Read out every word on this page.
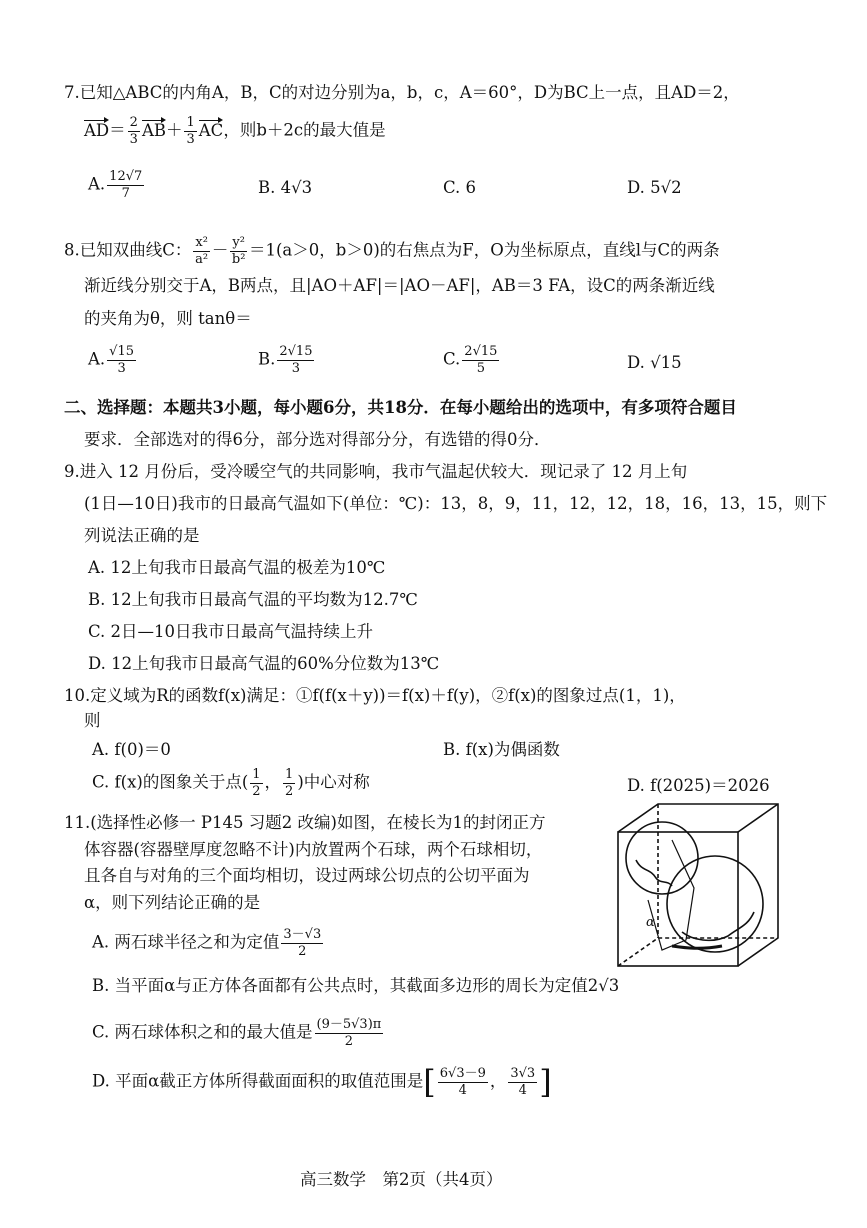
7.已知△ABC的内角A，B，C的对边分别为a，b，c，A＝60°，D为BC上一点，且AD＝2，
$AD= \frac{2}{3} AB+ \frac{1}{3}$ AC，则b＋2c的最大值是
A. $\frac{12√7}{7}$	B. 4√3	C. 6	D. 5√2
8.已知双曲线C： $\frac{\text{x²}}{\text{a²}} - \frac{\text{y²}}{\text{b²}} =1(a>0$，b＞0)的右焦点为F，O为坐标原点，直线l与C的两条
渐近线分别交于A，B两点，且|AO＋AF|＝|AO－AF|，AB＝3 FA，设C的两条渐近线
的夹角为θ，则 tanθ＝
A. $\frac{√15}{3}$	B. $\frac{2√15}{3}$	C. $\frac{2√15}{5}$	D. √15
二、选择题：本题共3小题，每小题6分，共18分．在每小题给出的选项中，有多项符合题目
要求．全部选对的得6分，部分选对得部分分，有选错的得0分．
9.进入 12 月份后，受冷暖空气的共同影响，我市气温起伏较大．现记录了 12 月上旬
(1日—10日)我市的日最高气温如下(单位：℃)：13，8，9，11，12，12，18，16，13，15，则下
列说法正确的是
A. 12上旬我市日最高气温的极差为10℃
B. 12上旬我市日最高气温的平均数为12.7℃
C. 2日—10日我市日最高气温持续上升
D. 12上旬我市日最高气温的60%分位数为13℃
10.定义域为R的函数f(x)满足：①f(f(x＋y))＝f(x)＋f(y)，②f(x)的图象过点(1，1)，
则
A. f(0)＝0	B. f(x)为偶函数
C. f(x)的图象关于点( $\frac{1}{2}$ ， $\frac{1}{2}$ )中心对称	D. f(2025)＝2026
11.(选择性必修一 P145 习题2 改编)如图，在棱长为1的封闭正方
体容器(容器壁厚度忽略不计)内放置两个石球，两个石球相切，
且各自与对角的三个面均相切，设过两球公切点的公切平面为
α，则下列结论正确的是
A. 两石球半径之和为定值 $\frac{3-√3}{2}$
B. 当平面α与正方体各面都有公共点时，其截面多边形的周长为定值2√3
C. 两石球体积之和的最大值是 $\frac{(9-5√3)\pi}{2}$
D. 平面α截正方体所得截面面积的取值范围是[ $\frac{6√3-9}{4}$ ， $\frac{3√3}{4}$ ]
α
高三数学　第2页（共4页）
